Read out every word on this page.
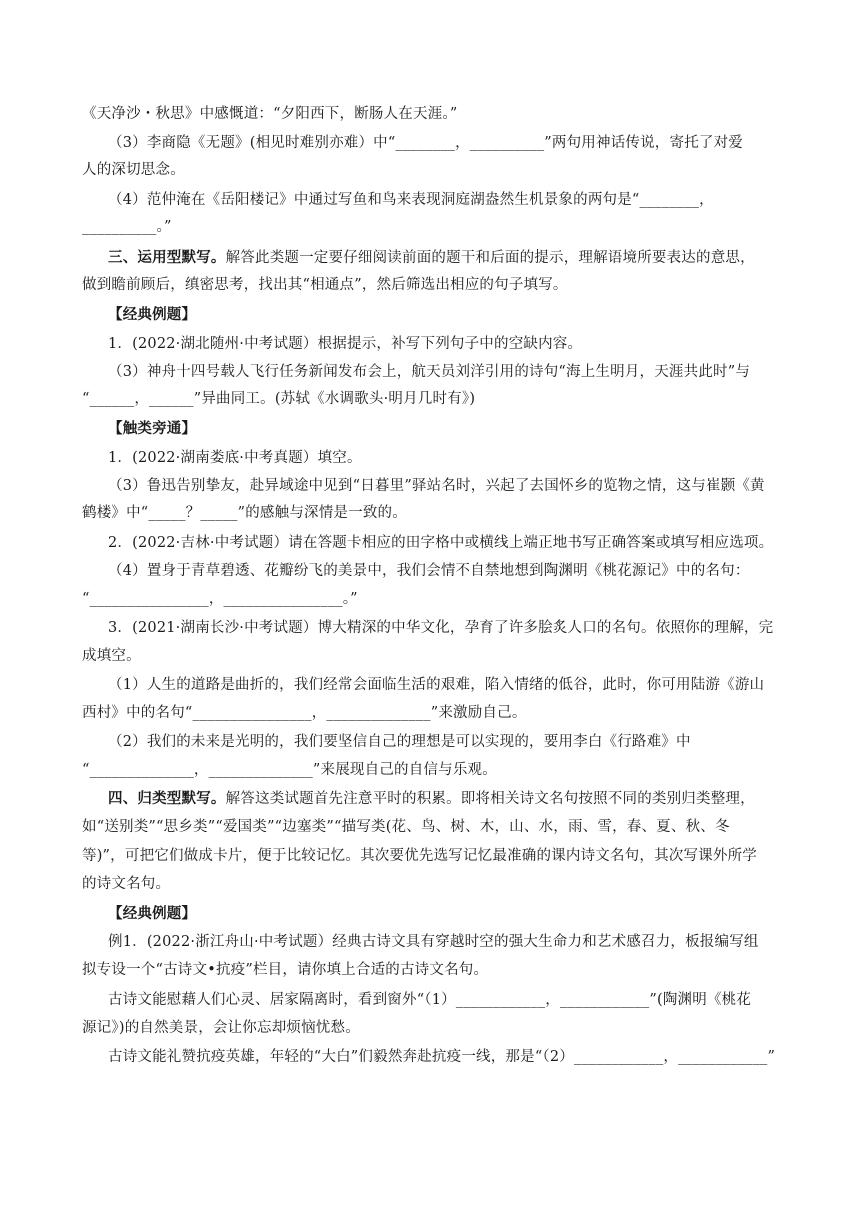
《天净沙・秋思》中感慨道：“夕阳西下，断肠人在天涯。”

（3）李商隐《无题》(相见时难别亦难）中“________，__________”两句用神话传说，寄托了对爱

人的深切思念。

（4）范仲淹在《岳阳楼记》中通过写鱼和鸟来表现洞庭湖盎然生机景象的两句是“________，

__________。”

三、运用型默写。解答此类题一定要仔细阅读前面的题干和后面的提示，理解语境所要表达的意思，

做到瞻前顾后，缜密思考，找出其“相通点”，然后筛选出相应的句子填写。

【经典例题】

1．(2022·湖北随州·中考试题）根据提示，补写下列句子中的空缺内容。

（3）神舟十四号载人飞行任务新闻发布会上，航天员刘洋引用的诗句“海上生明月，天涯共此时”与

“______，______”异曲同工。(苏轼《水调歌头·明月几时有》)

【触类旁通】

1．(2022·湖南娄底·中考真题）填空。

（3）鲁迅告别挚友，赴异域途中见到“日暮里”驿站名时，兴起了去国怀乡的览物之情，这与崔颢《黄

鹤楼》中“_____？_____”的感触与深情是一致的。

2．(2022·吉林·中考试题）请在答题卡相应的田字格中或横线上端正地书写正确答案或填写相应选项。

（4）置身于青草碧透、花瓣纷飞的美景中，我们会情不自禁地想到陶渊明《桃花源记》中的名句：

“________________，________________。”

3．(2021·湖南长沙·中考试题）博大精深的中华文化，孕育了许多脍炙人口的名句。依照你的理解，完

成填空。

（1）人生的道路是曲折的，我们经常会面临生活的艰难，陷入情绪的低谷，此时，你可用陆游《游山

西村》中的名句“________________，______________”来激励自己。

（2）我们的未来是光明的，我们要坚信自己的理想是可以实现的，要用李白《行路难》中

“______________，______________”来展现自己的自信与乐观。

四、归类型默写。解答这类试题首先注意平时的积累。即将相关诗文名句按照不同的类别归类整理，

如“送别类”“思乡类”“爱国类”“边塞类”“描写类(花、鸟、树、木，山、水，雨、雪，春、夏、秋、冬

等)”，可把它们做成卡片，便于比较记忆。其次要优先选写记忆最准确的课内诗文名句，其次写课外所学

的诗文名句。

【经典例题】

例1．(2022·浙江舟山·中考试题）经典古诗文具有穿越时空的强大生命力和艺术感召力，板报编写组

拟专设一个“古诗文•抗疫”栏目，请你填上合适的古诗文名句。

古诗文能慰藉人们心灵、居家隔离时，看到窗外“（1）____________，____________”(陶渊明《桃花

源记》)的自然美景，会让你忘却烦恼忧愁。

古诗文能礼赞抗疫英雄，年轻的“大白”们毅然奔赴抗疫一线，那是“（2）____________，____________”
